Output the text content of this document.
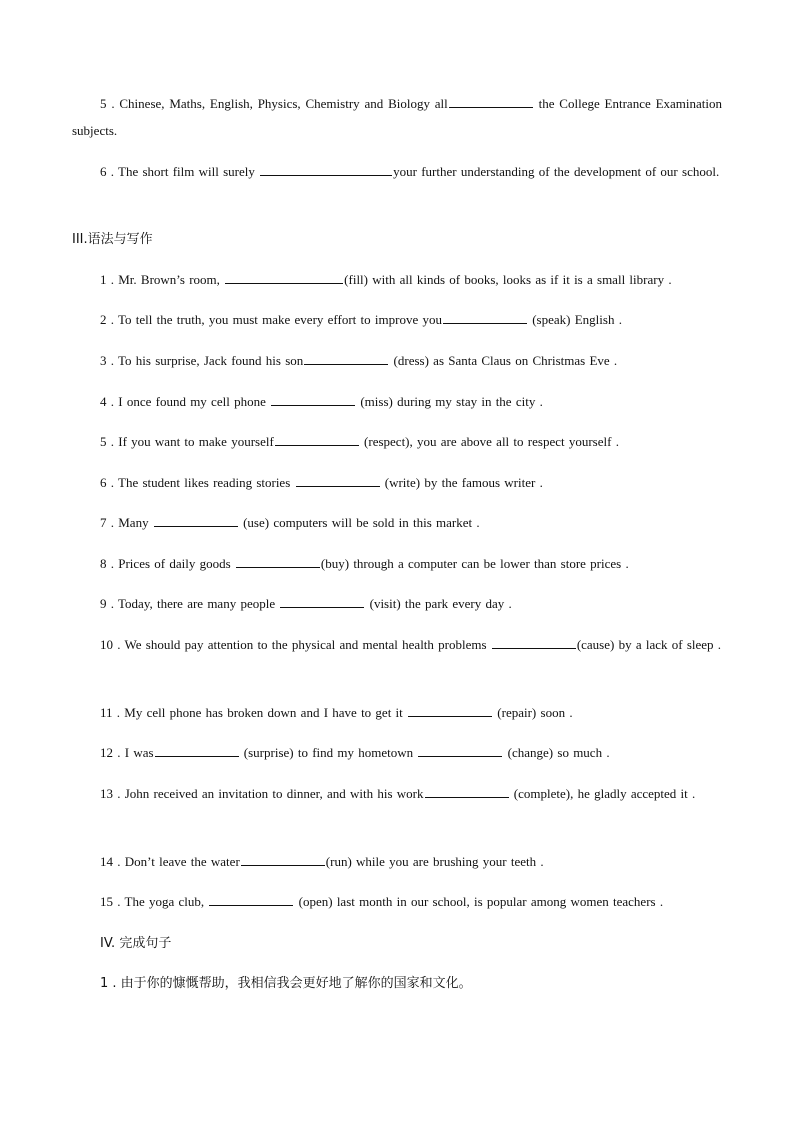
5 . Chinese, Maths, English, Physics, Chemistry and Biology all	the College Entrance Examination subjects.

6 . The short film will surely	your further understanding of the development of our school.

III.语法与写作

1 . Mr. Brown’s room,	(fill) with all kinds of books, looks as if it is a small library .

2 . To tell the truth, you must make every effort to improve you	(speak) English .

3 . To his surprise, Jack found his son	(dress) as Santa Claus on Christmas Eve .

4 . I once found my cell phone	(miss) during my stay in the city .

5 . If you want to make yourself	(respect), you are above all to respect yourself .

6 . The student likes reading stories	(write) by the famous writer .

7 . Many	(use) computers will be sold in this market .

8 . Prices of daily goods	(buy) through a computer can be lower than store prices .

9 . Today, there are many people	(visit) the park every day .

10 . We should pay attention to the physical and mental health problems	(cause) by a lack of sleep .

11 . My cell phone has broken down and I have to get it	(repair) soon .

12 . I was	(surprise) to find my hometown	(change) so much .

13 . John received an invitation to dinner, and with his work	(complete), he gladly accepted it .

14 . Don’t leave the water	(run) while you are brushing your teeth .

15 . The yoga club,	(open) last month in our school, is popular among women teachers .

IV. 完成句子

1 . 由于你的慷慨帮助，我相信我会更好地了解你的国家和文化。
